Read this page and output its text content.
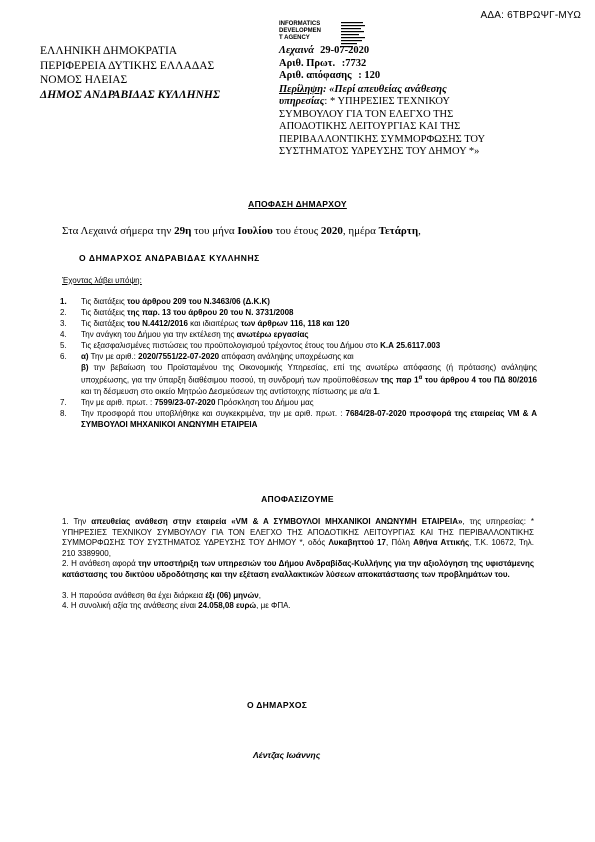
ΑΔΑ: 6ΤΒΡΩΨΓ-ΜΥΩ
INFORMATICS
DEVELOPMEN
T AGENCY
ΕΛΛΗΝΙΚΗ ΔΗΜΟΚΡΑΤΙΑ
ΠΕΡΙΦΕΡΕΙΑ ΔΥΤΙΚΗΣ ΕΛΛΑΔΑΣ
ΝΟΜΟΣ ΗΛΕΙΑΣ
ΔΗΜΟΣ ΑΝΔΡΑΒΙΔΑΣ ΚΥΛΛΗΝΗΣ
Λεχαινά 29-07-2020
Αριθ. Πρωτ. :7732
Αριθ. απόφασης : 120
Περίληψη: «Περί απευθείας ανάθεσης
υπηρεσίας: * ΥΠΗΡΕΣΙΕΣ ΤΕΧΝΙΚΟΥ
ΣΥΜΒΟΥΛΟΥ ΓΙΑ ΤΟΝ ΕΛΕΓΧΟ ΤΗΣ
ΑΠΟΔΟΤΙΚΗΣ ΛΕΙΤΟΥΡΓΙΑΣ ΚΑΙ ΤΗΣ
ΠΕΡΙΒΑΛΛΟΝΤΙΚΗΣ ΣΥΜΜΟΡΦΩΣΗΣ ΤΟΥ
ΣΥΣΤΗΜΑΤΟΣ ΥΔΡΕΥΣΗΣ ΤΟΥ ΔΗΜΟΥ *»
ΑΠΟΦΑΣΗ ΔΗΜΑΡΧΟΥ
Στα Λεχαινά σήμερα την 29η του μήνα Ιουλίου του έτους 2020, ημέρα Τετάρτη,
Ο ΔΗΜΑΡΧΟΣ ΑΝΔΡΑΒΙΔΑΣ ΚΥΛΛΗΝΗΣ
Έχοντας λάβει υπόψη:
1. Τις διατάξεις του άρθρου 209 του Ν.3463/06 (Δ.Κ.Κ)
2. Τις διατάξεις της παρ. 13 του άρθρου 20 του Ν. 3731/2008
3. Τις διατάξεις του Ν.4412/2016 και ιδιαιτέρως των άρθρων 116, 118 και 120
4. Την ανάγκη του Δήμου για την εκτέλεση της ανωτέρω εργασίας
5. Τις εξασφαλισμένες πιστώσεις του προϋπολογισμού τρέχοντος έτους του Δήμου στο Κ.Α 25.6117.003
6. α) Την με αριθ.: 2020/7551/22-07-2020 απόφαση ανάληψης υποχρέωσης και
β) την βεβαίωση του Προϊσταμένου της Οικονομικής Υπηρεσίας, επί της ανωτέρω απόφασης (ή πρότασης) ανάληψης υποχρέωσης, για την ύπαρξη διαθέσιμου ποσού, τη συνδρομή των προϋποθέσεων της παρ $1^\alpha$ του άρθρου 4 του ΠΔ 80/2016 και τη δέσμευση στο οικείο Μητρώο Δεσμεύσεων της αντίστοιχης πίστωσης με α/α 1.
7. Την με αριθ. πρωτ. : 7599/23-07-2020 Πρόσκληση του Δήμου μας
8. Την προσφορά που υποβλήθηκε και συγκεκριμένα, την με αριθ. πρωτ. : 7684/28-07-2020 προσφορά της εταιρείας VM & A ΣΥΜΒΟΥΛΟΙ ΜΗΧΑΝΙΚΟΙ ΑΝΩΝΥΜΗ ΕΤΑΙΡΕΙΑ
ΑΠΟΦΑΣΙΖΟΥΜΕ

1. Την απευθείας ανάθεση στην εταιρεία «VM & A ΣΥΜΒΟΥΛΟΙ ΜΗΧΑΝΙΚΟΙ ΑΝΩΝΥΜΗ ΕΤΑΙΡΕΙΑ», της υπηρεσίας: * ΥΠΗΡΕΣΙΕΣ ΤΕΧΝΙΚΟΥ ΣΥΜΒΟΥΛΟΥ ΓΙΑ ΤΟΝ ΕΛΕΓΧΟ ΤΗΣ ΑΠΟΔΟΤΙΚΗΣ ΛΕΙΤΟΥΡΓΙΑΣ ΚΑΙ ΤΗΣ ΠΕΡΙΒΑΛΛΟΝΤΙΚΗΣ ΣΥΜΜΟΡΦΩΣΗΣ ΤΟΥ ΣΥΣΤΗΜΑΤΟΣ ΥΔΡΕΥΣΗΣ ΤΟΥ ΔΗΜΟΥ *, οδός Λυκαβηττού 17, Πόλη Αθήνα Αττικής, Τ.Κ. 10672, Τηλ. 210 3389900,

2. Η ανάθεση αφορά την υποστήριξη των υπηρεσιών του Δήμου Ανδραβίδας-Κυλλήνης για την αξιολόγηση της υφιστάμενης κατάστασης του δικτύου υδροδότησης και την εξέταση εναλλακτικών λύσεων αποκατάστασης των προβλημάτων του.

3. Η παρούσα ανάθεση θα έχει διάρκεια έξι (06) μηνών,

4. Η συνολική αξία της ανάθεσης είναι 24.058,08 ευρώ, με ΦΠΑ.

Ο ΔΗΜΑΡΧΟΣ
Λέντζας Ιωάννης
